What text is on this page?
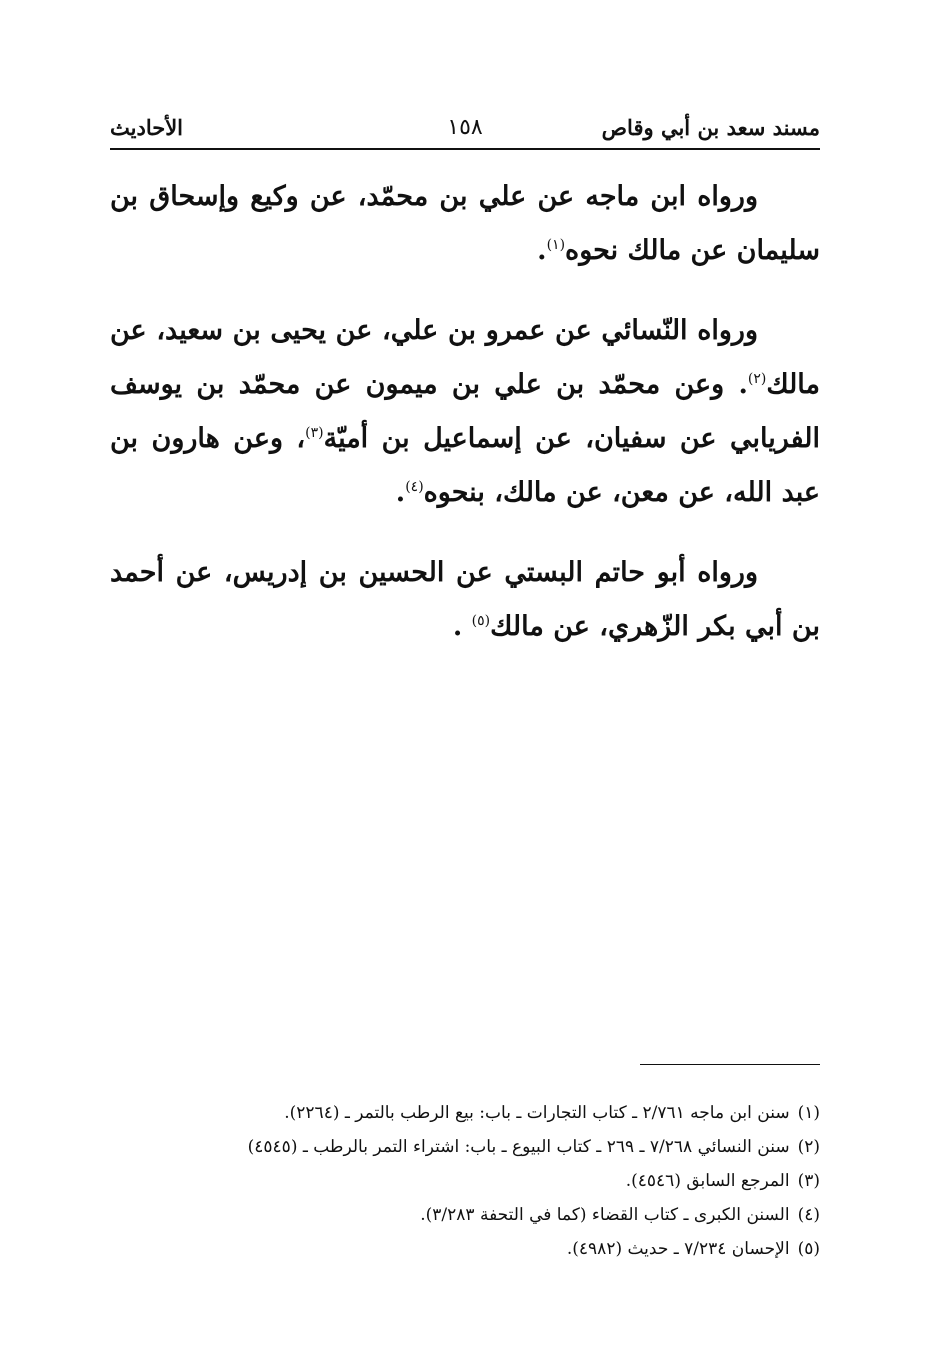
مسند سعد بن أبي وقاص
١٥٨
الأحاديث

ورواه ابن ماجه عن علي بن محمّد، عن وكيع وإسحاق بن سليمان عن مالك نحوه$^{(١)}$.

ورواه النّسائي عن عمرو بن علي، عن يحيى بن سعيد، عن مالك$^{(٢)}$. وعن محمّد بن علي بن ميمون عن محمّد بن يوسف الفريابي عن سفيان، عن إسماعيل بن أميّة$^{(٣)}$، وعن هارون بن عبد الله، عن معن، عن مالك، بنحوه$^{(٤)}$.

ورواه أبو حاتم البستي عن الحسين بن إدريس، عن أحمد بن أبي بكر الزّهري، عن مالك$^{(٥)}$ .

(١)سنن ابن ماجه ٢/٧٦١ ـ كتاب التجارات ـ باب: بيع الرطب بالتمر ـ (٢٢٦٤).
(٢)سنن النسائي ٧/٢٦٨ ـ ٢٦٩ ـ كتاب البيوع ـ باب: اشتراء التمر بالرطب ـ (٤٥٤٥)
(٣)المرجع السابق (٤٥٤٦).
(٤)السنن الكبرى ـ كتاب القضاء (كما في التحفة ٣/٢٨٣).
(٥)الإحسان ٧/٢٣٤ ـ حديث (٤٩٨٢).
